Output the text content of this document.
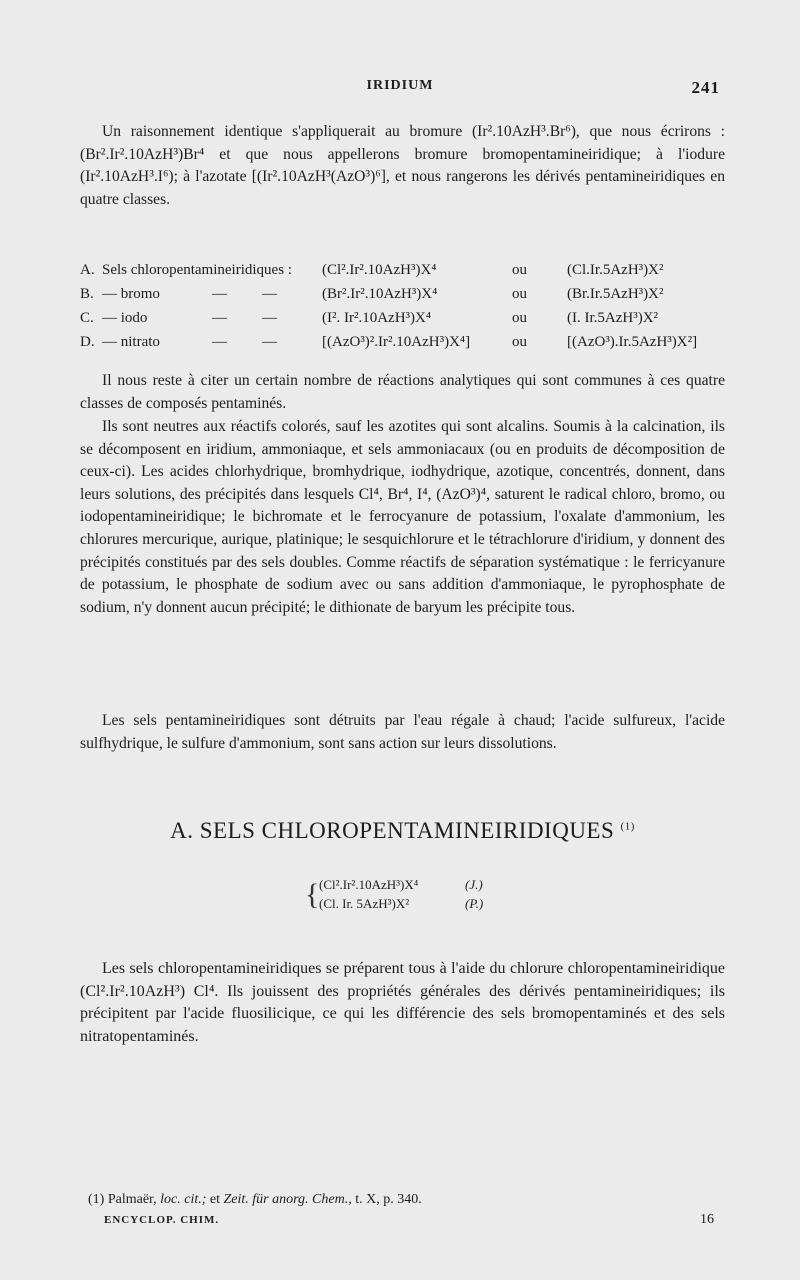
IRIDIUM	241

Un raisonnement identique s'appliquerait au bromure (Ir².10AzH³.Br⁶), que nous écrirons : (Br².Ir².10AzH³)Br⁴ et que nous appellerons bromure bromopentamineiridique; à l'iodure (Ir².10AzH³.I⁶); à l'azotate [(Ir².10AzH³(AzO³)⁶], et nous rangerons les dérivés pentamineiridiques en quatre classes.

A. Sels chloropentamineiridiques : (Cl².Ir².10AzH³)X⁴	ou	(Cl.Ir.5AzH³)X²
B. — bromo	— —	(Br².Ir².10AzH³)X⁴	ou	(Br.Ir.5AzH³)X²
C. — iodo	— —	(I². Ir².10AzH³)X⁴	ou	(I. Ir.5AzH³)X²
D. — nitrato	— —	[(AzO³)².Ir².10AzH³)X⁴]	ou	[(AzO³).Ir.5AzH³)X²]

Il nous reste à citer un certain nombre de réactions analytiques qui sont communes à ces quatre classes de composés pentaminés.

Ils sont neutres aux réactifs colorés, sauf les azotites qui sont alcalins. Soumis à la calcination, ils se décomposent en iridium, ammoniaque, et sels ammoniacaux (ou en produits de décomposition de ceux-ci). Les acides chlorhydrique, bromhydrique, iodhydrique, azotique, concentrés, donnent, dans leurs solutions, des précipités dans lesquels Cl⁴, Br⁴, I⁴, (AzO³)⁴, saturent le radical chloro, bromo, ou iodopentamineiridique; le bichromate et le ferrocyanure de potassium, l'oxalate d'ammonium, les chlorures mercurique, aurique, platinique; le sesquichlorure et le tétrachlorure d'iridium, y donnent des précipités constitués par des sels doubles. Comme réactifs de séparation systématique : le ferricyanure de potassium, le phosphate de sodium avec ou sans addition d'ammoniaque, le pyrophosphate de sodium, n'y donnent aucun précipité; le dithionate de baryum les précipite tous.

Les sels pentamineiridiques sont détruits par l'eau régale à chaud; l'acide sulfureux, l'acide sulfhydrique, le sulfure d'ammonium, sont sans action sur leurs dissolutions.

A. SELS CHLOROPENTAMINEIRIDIQUES $^{(1)}$
{ (Cl².Ir².10AzH³)X⁴	(J.)
(Cl. Ir. 5AzH³)X²	(P.)

Les sels chloropentamineiridiques se préparent tous à l'aide du chlorure chloropentamineiridique (Cl².Ir².10AzH³) Cl⁴. Ils jouissent des propriétés générales des dérivés pentamineiridiques; ils précipitent par l'acide fluosilicique, ce qui les différencie des sels bromopentaminés et des sels nitratopentaminés.

(1) Palmaër, loc. cit.; et Zeit. für anorg. Chem., t. X, p. 340.

ENCYCLOP. CHIM.	16
